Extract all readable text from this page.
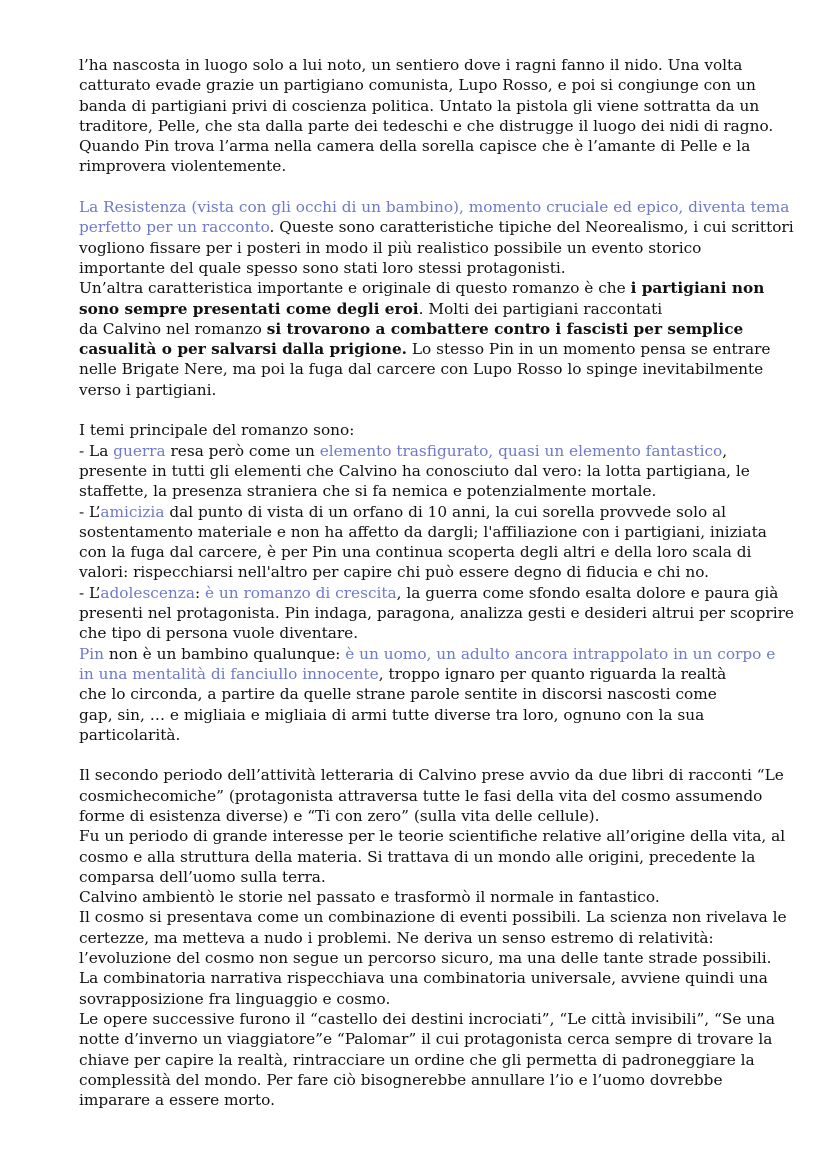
l’ha nascosta in luogo solo a lui noto, un sentiero dove i ragni fanno il nido. Una volta
catturato evade grazie un partigiano comunista, Lupo Rosso, e poi si congiunge con un
banda di partigiani privi di coscienza politica. Untato la pistola gli viene sottratta da un
traditore, Pelle, che sta dalla parte dei tedeschi e che distrugge il luogo dei nidi di ragno.
Quando Pin trova l’arma nella camera della sorella capisce che è l’amante di Pelle e la
rimprovera violentemente.
La Resistenza (vista con gli occhi di un bambino), momento cruciale ed epico, diventa tema
perfetto per un racconto. Queste sono caratteristiche tipiche del Neorealismo, i cui scrittori
vogliono fissare per i posteri in modo il più realistico possibile un evento storico
importante del quale spesso sono stati loro stessi protagonisti.
Un’altra caratteristica importante e originale di questo romanzo è che i partigiani non
sono sempre presentati come degli eroi. Molti dei partigiani raccontati
da Calvino nel romanzo si trovarono a combattere contro i fascisti per semplice
casualità o per salvarsi dalla prigione. Lo stesso Pin in un momento pensa se entrare
nelle Brigate Nere, ma poi la fuga dal carcere con Lupo Rosso lo spinge inevitabilmente
verso i partigiani.
I temi principale del romanzo sono:
- La guerra resa però come un elemento trasfigurato, quasi un elemento fantastico,
presente in tutti gli elementi che Calvino ha conosciuto dal vero: la lotta partigiana, le
staffette, la presenza straniera che si fa nemica e potenzialmente mortale.
- L’amicizia dal punto di vista di un orfano di 10 anni, la cui sorella provvede solo al
sostentamento materiale e non ha affetto da dargli; l'affiliazione con i partigiani, iniziata
con la fuga dal carcere, è per Pin una continua scoperta degli altri e della loro scala di
valori: rispecchiarsi nell'altro per capire chi può essere degno di fiducia e chi no.
- L’adolescenza: è un romanzo di crescita, la guerra come sfondo esalta dolore e paura già
presenti nel protagonista. Pin indaga, paragona, analizza gesti e desideri altrui per scoprire
che tipo di persona vuole diventare.
Pin non è un bambino qualunque: è un uomo, un adulto ancora intrappolato in un corpo e
in una mentalità di fanciullo innocente, troppo ignaro per quanto riguarda la realtà
che lo circonda, a partire da quelle strane parole sentite in discorsi nascosti come
gap, sin, … e migliaia e migliaia di armi tutte diverse tra loro, ognuno con la sua
particolarità.
Il secondo periodo dell’attività letteraria di Calvino prese avvio da due libri di racconti “Le
cosmichecomiche” (protagonista attraversa tutte le fasi della vita del cosmo assumendo
forme di esistenza diverse) e “Ti con zero” (sulla vita delle cellule).
Fu un periodo di grande interesse per le teorie scientifiche relative all’origine della vita, al
cosmo e alla struttura della materia. Si trattava di un mondo alle origini, precedente la
comparsa dell’uomo sulla terra.
Calvino ambientò le storie nel passato e trasformò il normale in fantastico.
Il cosmo si presentava come un combinazione di eventi possibili. La scienza non rivelava le
certezze, ma metteva a nudo i problemi. Ne deriva un senso estremo di relatività:
l’evoluzione del cosmo non segue un percorso sicuro, ma una delle tante strade possibili.
La combinatoria narrativa rispecchiava una combinatoria universale, avviene quindi una
sovrapposizione fra linguaggio e cosmo.
Le opere successive furono il “castello dei destini incrociati”, “Le città invisibili”, “Se una
notte d’inverno un viaggiatore”e “Palomar” il cui protagonista cerca sempre di trovare la
chiave per capire la realtà, rintracciare un ordine che gli permetta di padroneggiare la
complessità del mondo. Per fare ciò bisognerebbe annullare l’io e l’uomo dovrebbe
imparare a essere morto.
